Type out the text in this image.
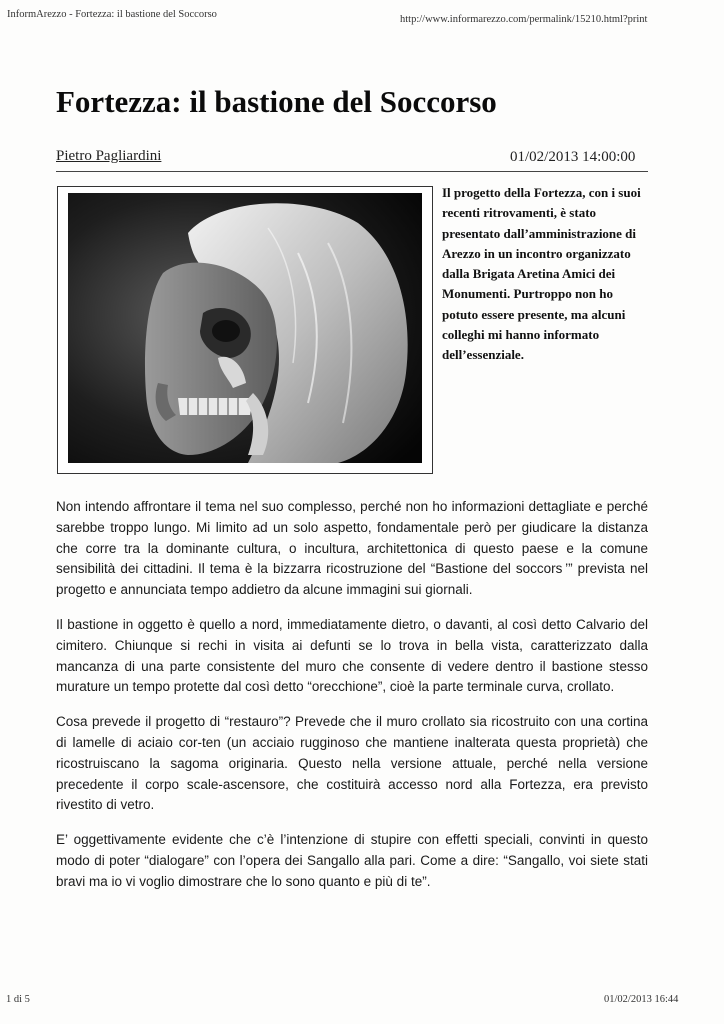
InformArezzo - Fortezza: il bastione del Soccorso	http://www.informarezzo.com/permalink/15210.html?print
Fortezza: il bastione del Soccorso
Pietro Pagliardini	01/02/2013 14:00:00

Il progetto della Fortezza, con i suoi recenti ritrovamenti, è stato presentato dall’amministrazione di Arezzo in un incontro organizzato dalla Brigata Aretina Amici dei Monumenti. Purtroppo non ho potuto essere presente, ma alcuni colleghi mi hanno informato dell’essenziale.

Non intendo affrontare il tema nel suo complesso, perché non ho informazioni dettagliate e perché sarebbe troppo lungo. Mi limito ad un solo aspetto, fondamentale però per giudicare la distanza che corre tra la dominante cultura, o incultura, architettonica di questo paese e la comune sensibilità dei cittadini. Il tema è la bizzarra ricostruzione del “Bastione del soccors ​’” prevista nel progetto e annunciata tempo addietro da alcune immagini sui giornali.

Il bastione in oggetto è quello a nord, immediatamente dietro, o davanti, al così detto Calvario del cimitero. Chiunque si rechi in visita ai defunti se lo trova in bella vista, caratterizzato dalla mancanza di una parte consistente del muro che consente di vedere dentro il bastione stesso murature un tempo protette dal così detto “orecchione”, cioè la parte terminale curva, crollato.

Cosa prevede il progetto di “restauro”? Prevede che il muro crollato sia ricostruito con una cortina di lamelle di ac​iaio cor-ten (un acciaio rugginoso che mantiene inalterata questa proprietà) che ricostruiscano la sagoma originaria. Questo nella versione attuale, perché nella versione precedente il corpo scale-ascensore, che costituirà accesso nord alla Fortezza, era previsto rivestito di vetro.

E’ oggettivamente evidente che c’è l’intenzione di stupire con effetti speciali, convinti in questo modo di poter “dialogare” con l’opera dei Sangallo alla pari. Come a dire: “Sangallo, voi siete stati bravi ma io vi voglio dimostrare che lo sono quanto e più di te”.

1 di 5	01/02/2013 16:44
